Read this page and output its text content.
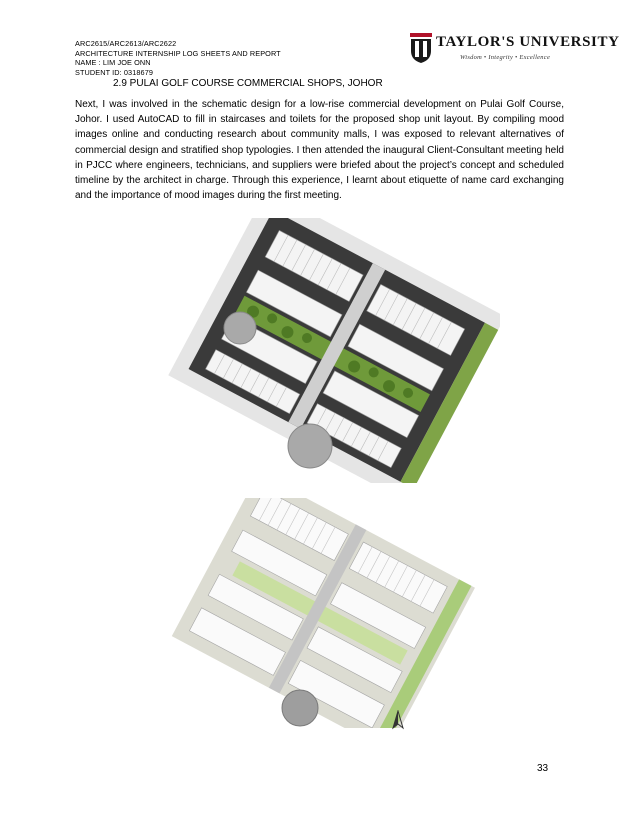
ARC2615/ARC2613/ARC2622
ARCHITECTURE INTERNSHIP LOG SHEETS AND REPORT
NAME : LIM JOE ONN
STUDENT ID: 0318679
TAYLOR'S UNIVERSITY
Wisdom • Integrity • Excellence
2.9 PULAI GOLF COURSE COMMERCIAL SHOPS, JOHOR
Next, I was involved in the schematic design for a low-rise commercial development on Pulai Golf Course, Johor. I used AutoCAD to fill in staircases and toilets for the proposed shop unit layout. By compiling mood images online and conducting research about community malls, I was exposed to relevant alternatives of commercial design and stratified shop typologies. I then attended the inaugural Client-Consultant meeting held in PJCC where engineers, technicians, and suppliers were briefed about the project’s concept and scheduled timeline by the architect in charge. Through this experience, I learnt about etiquette of name card exchanging and the importance of mood images during the first meeting.
33
